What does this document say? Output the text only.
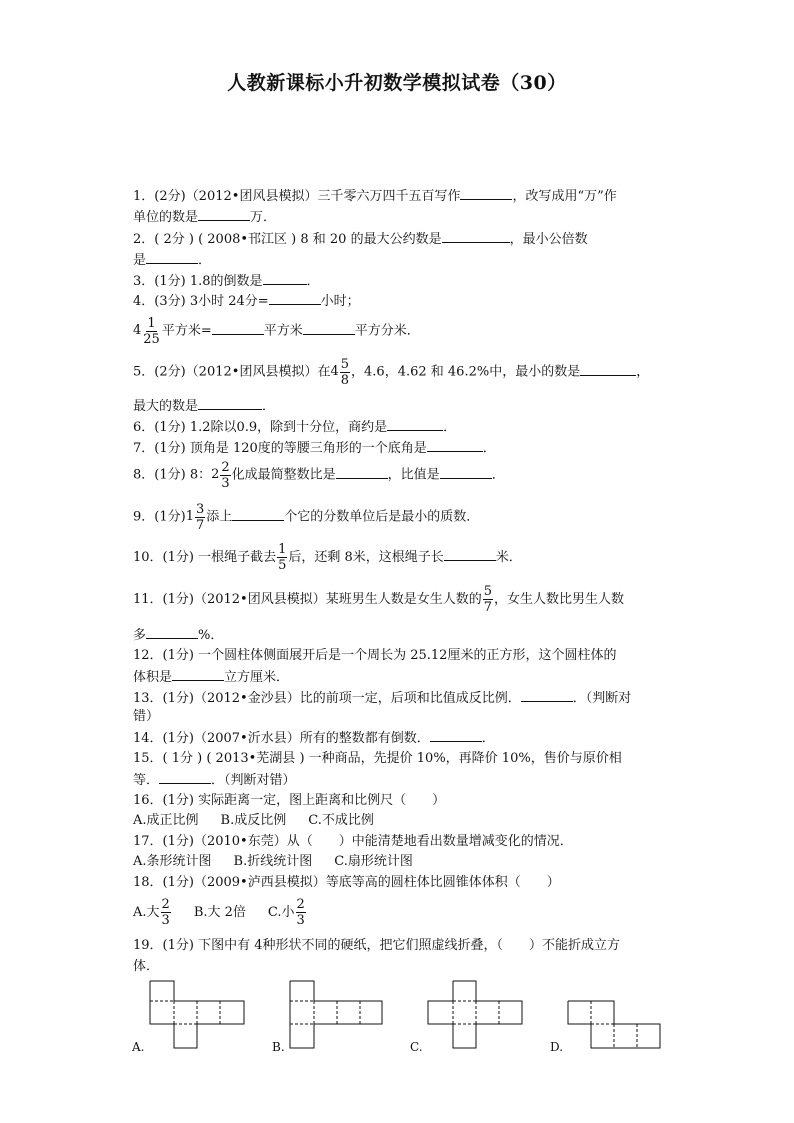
人教新课标小升初数学模拟试卷（30）
1．(2分)（2012•团风县模拟）三千零六万四千五百写作	，改写成用“万”作
单位的数是	万．
2．( 2分 ) ( 2008•邗江区 ) 8 和 20 的最大公约数是	，最小公倍数
是	．
3．(1分) 1.8的倒数是	．
4．(3分) 3小时 24分=	小时；
$4 \frac{1}{25}$ 平方米=	平方米	平方分米．
5．(2分)（2012•团风县模拟）在$4 \frac{5}{8}$ ，4.6，4.62 和 46.2%中，最小的数是	，
最大的数是	．
6．(1分) 1.2除以0.9，除到十分位，商约是	．
7．(1分) 顶角是 120度的等腰三角形的一个底角是	．
8．(1分) 8：$2 \frac{2}{3}$ 化成最简整数比是	，比值是	．
9．(1分)$1 \frac{3}{7}$ 添上	个它的分数单位后是最小的质数．
10．(1分) 一根绳子截去 $\frac{1}{5}$ 后，还剩 8米，这根绳子长	米．
11．(1分)（2012•团风县模拟）某班男生人数是女生人数的 $\frac{5}{7}$ ，女生人数比男生人数
多	%．
12．(1分) 一个圆柱体侧面展开后是一个周长为 25.12厘米的正方形，这个圆柱体的
体积是	立方厘米．
13．(1分)（2012•金沙县）比的前项一定，后项和比值成反比例．	．（判断对
错）
14．(1分)（2007•沂水县）所有的整数都有倒数．	．
15．( 1分 ) ( 2013•芜湖县 ) 一种商品，先提价 10%，再降价 10%，售价与原价相
等．	．（判断对错）
16．(1分) 实际距离一定，图上距离和比例尺（　　）
A.成正比例 B.成反比例 C.不成比例
17．(1分)（2010•东莞）从（　　）中能清楚地看出数量增减变化的情况．
A.条形统计图 B.折线统计图 C.扇形统计图
18．(1分)（2009•泸西县模拟）等底等高的圆柱体比圆锥体体积（　　）
A.大 $\frac{2}{3} B$.大 2倍 C.小 $\frac{2}{3}$
19．(1分) 下图中有 4种形状不同的硬纸，把它们照虚线折叠，（　　）不能折成立方
体．
A.	B.	C.	D.
